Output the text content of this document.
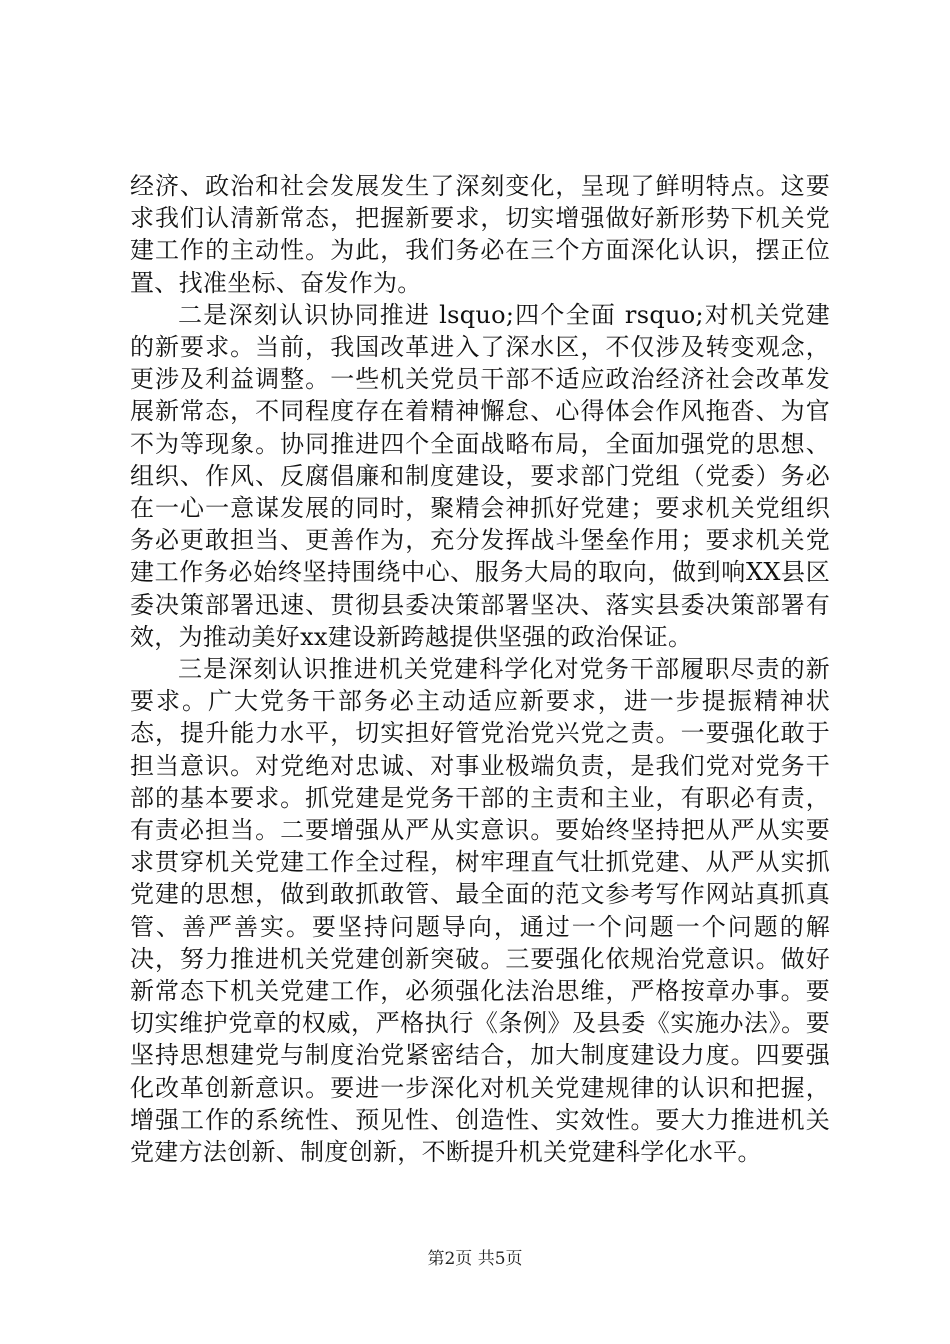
经济、政治和社会发展发生了深刻变化，呈现了鲜明特点。这要求我们认清新常态，把握新要求，切实增强做好新形势下机关党建工作的主动性。为此，我们务必在三个方面深化认识，摆正位置、找准坐标、奋发作为。

二是深刻认识协同推进 lsquo;四个全面 rsquo;对机关党建的新要求。当前，我国改革进入了深水区，不仅涉及转变观念，更涉及利益调整。一些机关党员干部不适应政治经济社会改革发展新常态，不同程度存在着精神懈怠、心得体会作风拖沓、为官不为等现象。协同推进四个全面战略布局，全面加强党的思想、组织、作风、反腐倡廉和制度建设，要求部门党组（党委）务必在一心一意谋发展的同时，聚精会神抓好党建；要求机关党组织务必更敢担当、更善作为，充分发挥战斗堡垒作用；要求机关党建工作务必始终坚持围绕中心、服务大局的取向，做到响XX县区委决策部署迅速、贯彻县委决策部署坚决、落实县委决策部署有效，为推动美好xx建设新跨越提供坚强的政治保证。

三是深刻认识推进机关党建科学化对党务干部履职尽责的新要求。广大党务干部务必主动适应新要求，进一步提振精神状态，提升能力水平，切实担好管党治党兴党之责。一要强化敢于担当意识。对党绝对忠诚、对事业极端负责，是我们党对党务干部的基本要求。抓党建是党务干部的主责和主业，有职必有责，有责必担当。二要增强从严从实意识。要始终坚持把从严从实要求贯穿机关党建工作全过程，树牢理直气壮抓党建、从严从实抓党建的思想，做到敢抓敢管、最全面的范文参考写作网站真抓真管、善严善实。要坚持问题导向，通过一个问题一个问题的解决，努力推进机关党建创新突破。三要强化依规治党意识。做好新常态下机关党建工作，必须强化法治思维，严格按章办事。要切实维护党章的权威，严格执行《条例》及县委《实施办法》。要坚持思想建党与制度治党紧密结合，加大制度建设力度。四要强化改革创新意识。要进一步深化对机关党建规律的认识和把握，增强工作的系统性、预见性、创造性、实效性。要大力推进机关党建方法创新、制度创新，不断提升机关党建科学化水平。

第2页 共5页
